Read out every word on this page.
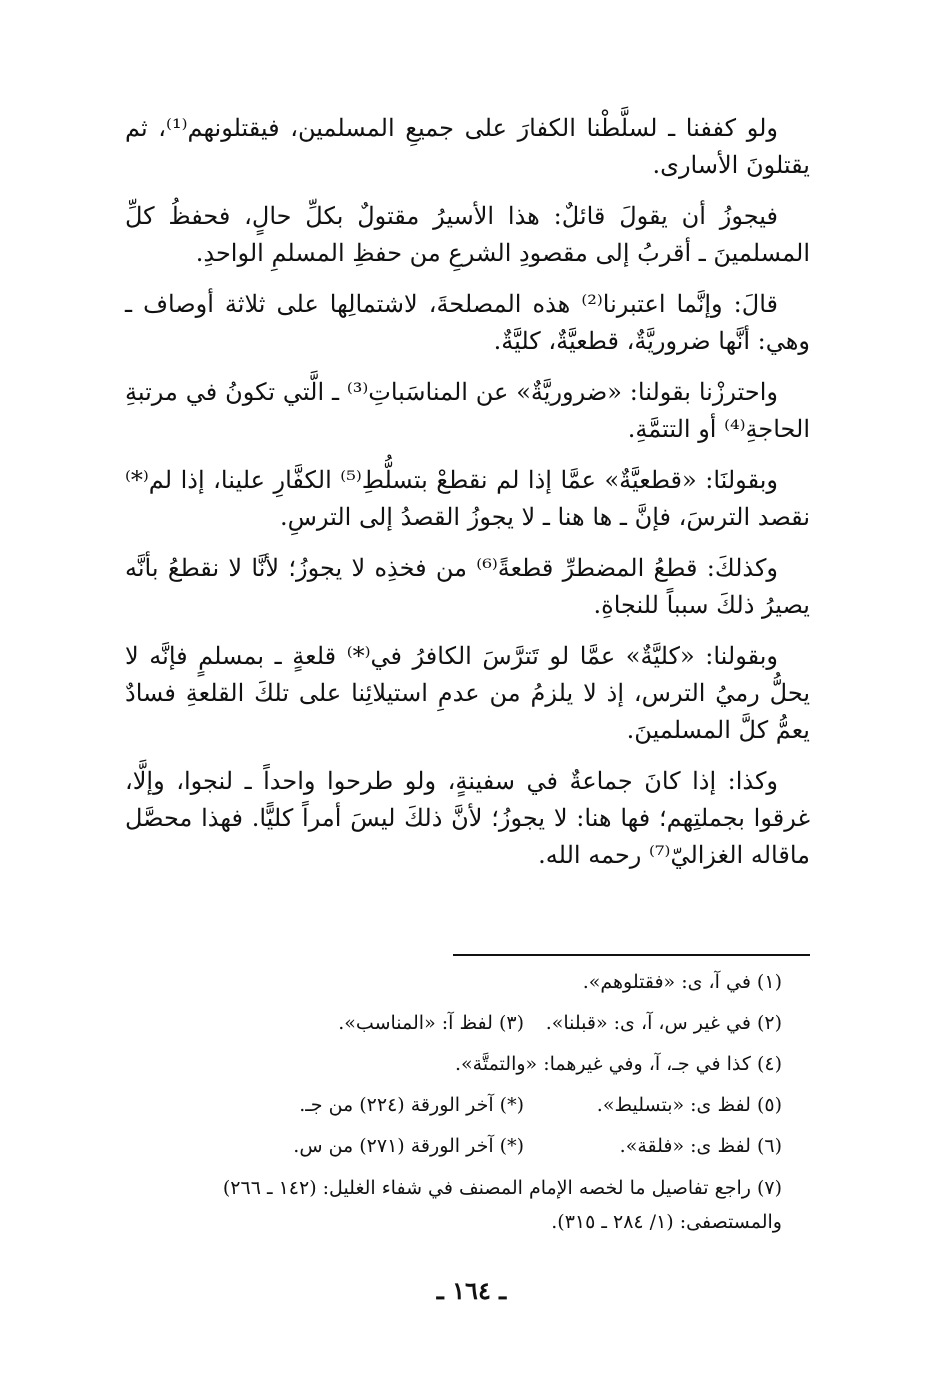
ولو كففنا ـ لسلَّطْنا الكفارَ على جميعِ المسلمين، فيقتلونهم⁽¹⁾، ثم يقتلونَ الأسارى.

فيجوزُ أن يقولَ قائلٌ: هذا الأسيرُ مقتولٌ بكلِّ حالٍ، فحفظُ كلِّ المسلمينَ ـ أقربُ إلى مقصودِ الشرعِ من حفظِ المسلمِ الواحدِ.

قالَ: وإنَّما اعتبرنا⁽²⁾ هذه المصلحةَ، لاشتمالِها على ثلاثة أوصاف ـ وهي: أنَّها ضروريَّةٌ، قطعيَّةٌ، كليَّةٌ.

واحترزْنا بقولنا: «ضروريَّةٌ» عن المناسَباتِ⁽³⁾ ـ الَّتي تكونُ في مرتبةِ الحاجةِ⁽⁴⁾ أو التتمَّةِ.

وبقولنَا: «قطعيَّةٌ» عمَّا إذا لم نقطعْ بتسلُّطِ⁽⁵⁾ الكفَّارِ علينا، إذا لم⁽*⁾ نقصد الترسَ، فإنَّ ـ ها هنا ـ لا يجوزُ القصدُ إلى الترسِ.

وكذلكَ: قطعُ المضطرِّ قطعةً⁽⁶⁾ من فخذِه لا يجوزُ؛ لأنَّا لا نقطعُ بأنَّه يصيرُ ذلكَ سبباً للنجاةِ.

وبقولنا: «كليَّةٌ» عمَّا لو تَترَّسَ الكافرُ في⁽*⁾ قلعةٍ ـ بمسلمٍ فإنَّه لا يحلُّ رميُ الترس، إذ لا يلزمُ من عدمِ استيلائِنا على تلكَ القلعةِ فسادٌ يعمُّ كلَّ المسلمينَ.

وكذا: إذا كانَ جماعةٌ في سفينةٍ، ولو طرحوا واحداً ـ لنجوا، وإلَّا، غرقوا بجملتِهم؛ فها هنا: لا يجوزُ؛ لأنَّ ذلكَ ليسَ أمراً كليًّا. فهذا محصَّل ماقاله الغزاليّ⁽⁷⁾ رحمه الله.

(١) في آ، ى: «فقتلوهم».
(٢) في غير س، آ، ى: «قبلنا».
(٣) لفظ آ: «المناسب».
(٤) كذا في جـ، آ، وفي غيرهما: «والتمتَّة».
(٥) لفظ ى: «بتسليط».
(*) آخر الورقة (٢٢٤) من جـ.
(٦) لفظ ى: «فلقة».
(*) آخر الورقة (٢٧١) من س.
(٧) راجع تفاصيل ما لخصه الإمام المصنف في شفاء الغليل: (١٤٢ ـ ٢٦٦) والمستصفى: (١/ ٢٨٤ ـ ٣١٥).
ـ ١٦٤ ـ
